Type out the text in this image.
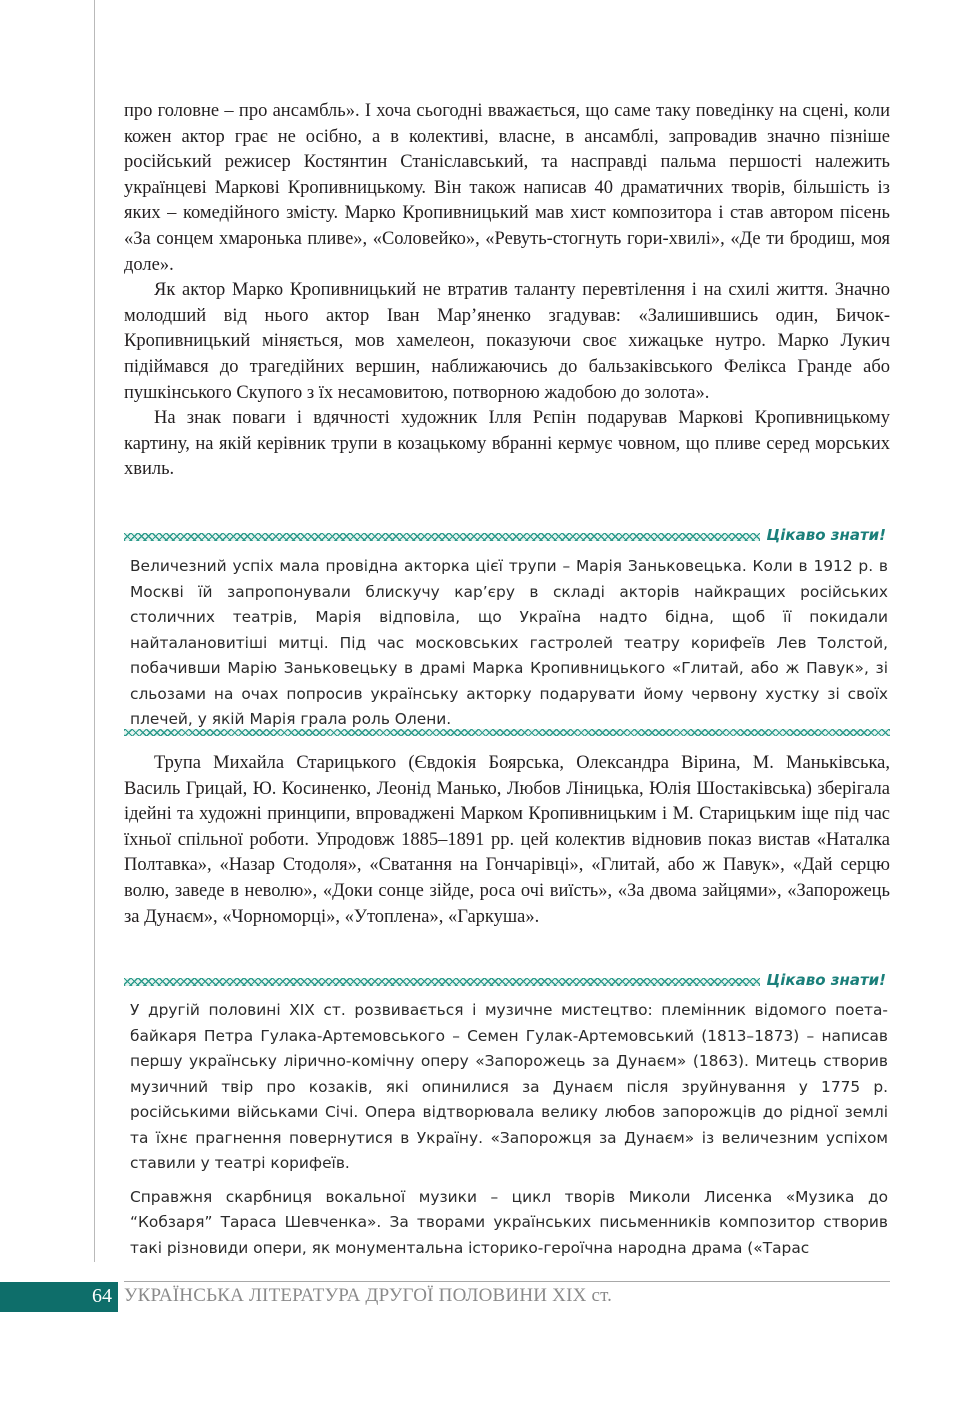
про головне – про ансамбль». І хоча сьогодні вважається, що саме таку поведінку на сцені, коли кожен актор грає не осібно, а в колективі, власне, в ансамблі, запровадив значно пізніше російський режисер Костянтин Станіславський, та насправді пальма першості належить українцеві Маркові Кропивницькому. Він також написав 40 драматичних творів, більшість із яких – комедійного змісту. Марко Кропивницький мав хист композитора і став автором пісень «За сонцем хмаронька пливе», «Соловейко», «Ревуть-стогнуть гори-хвилі», «Де ти бродиш, моя доле».

Як актор Марко Кропивницький не втратив таланту перевтілення і на схилі життя. Значно молодший від нього актор Іван Мар’яненко згадував: «Залишившись один, Бичок-Кропивницький міняється, мов хамелеон, показуючи своє хижацьке нутро. Марко Лукич підіймався до трагедійних вершин, наближаючись до бальзаківського Фелікса Гранде або пушкінського Скупого з їх несамовитою, потворною жадобою до золота».

На знак поваги і вдячності художник Ілля Рєпін подарував Маркові Кропивницькому картину, на якій керівник трупи в козацькому вбранні кермує човном, що пливе серед морських хвиль.

Цікаво знати!

Величезний успіх мала провідна акторка цієї трупи – Марія Заньковецька. Коли в 1912 р. в Москві їй запропонували блискучу кар’єру в складі акторів найкращих російських столичних театрів, Марія відповіла, що Україна надто бідна, щоб її покидали найталановитіші митці. Під час московських гастролей театру корифеїв Лев Толстой, побачивши Марію Заньковецьку в драмі Марка Кропивницького «Глитай, або ж Павук», зі сльозами на очах попросив українську акторку подарувати йому червону хустку зі своїх плечей, у якій Марія грала роль Олени.

Трупа Михайла Старицького (Євдокія Боярська, Олександра Вірина, М. Маньківська, Василь Грицай, Ю. Косиненко, Леонід Манько, Любов Ліницька, Юлія Шостаківська) зберігала ідейні та художні принципи, впроваджені Марком Кропивницьким і М. Старицьким іще під час їхньої спільної роботи. Упродовж 1885–1891 рр. цей колектив відновив показ вистав «Наталка Полтавка», «Назар Стодоля», «Сватання на Гончарівці», «Глитай, або ж Павук», «Дай серцю волю, заведе в неволю», «Доки сонце зійде, роса очі виїсть», «За двома зайцями», «Запорожець за Дунаєм», «Чорноморці», «Утоплена», «Гаркуша».

Цікаво знати!

У другій половині ХІХ ст. розвивається і музичне мистецтво: племінник відомого поета-байкаря Петра Гулака-Артемовського – Семен Гулак-Артемовський (1813–1873) – написав першу українську лірично-комічну оперу «Запорожець за Дунаєм» (1863). Митець створив музичний твір про козаків, які опинилися за Дунаєм після зруйнування у 1775 р. російськими військами Січі. Опера відтворювала велику любов запорожців до рідної землі та їхнє прагнення повернутися в Україну. «Запорожця за Дунаєм» із величезним успіхом ставили у театрі корифеїв.

Справжня скарбниця вокальної музики – цикл творів Миколи Лисенка «Музика до “Кобзаря” Тараса Шевченка». За творами українських письменників композитор створив такі різновиди опери, як монументальна історико-героїчна народна драма («Тарас

64 УКРАЇНСЬКА ЛІТЕРАТУРА ДРУГОЇ ПОЛОВИНИ ХІХ ст.
